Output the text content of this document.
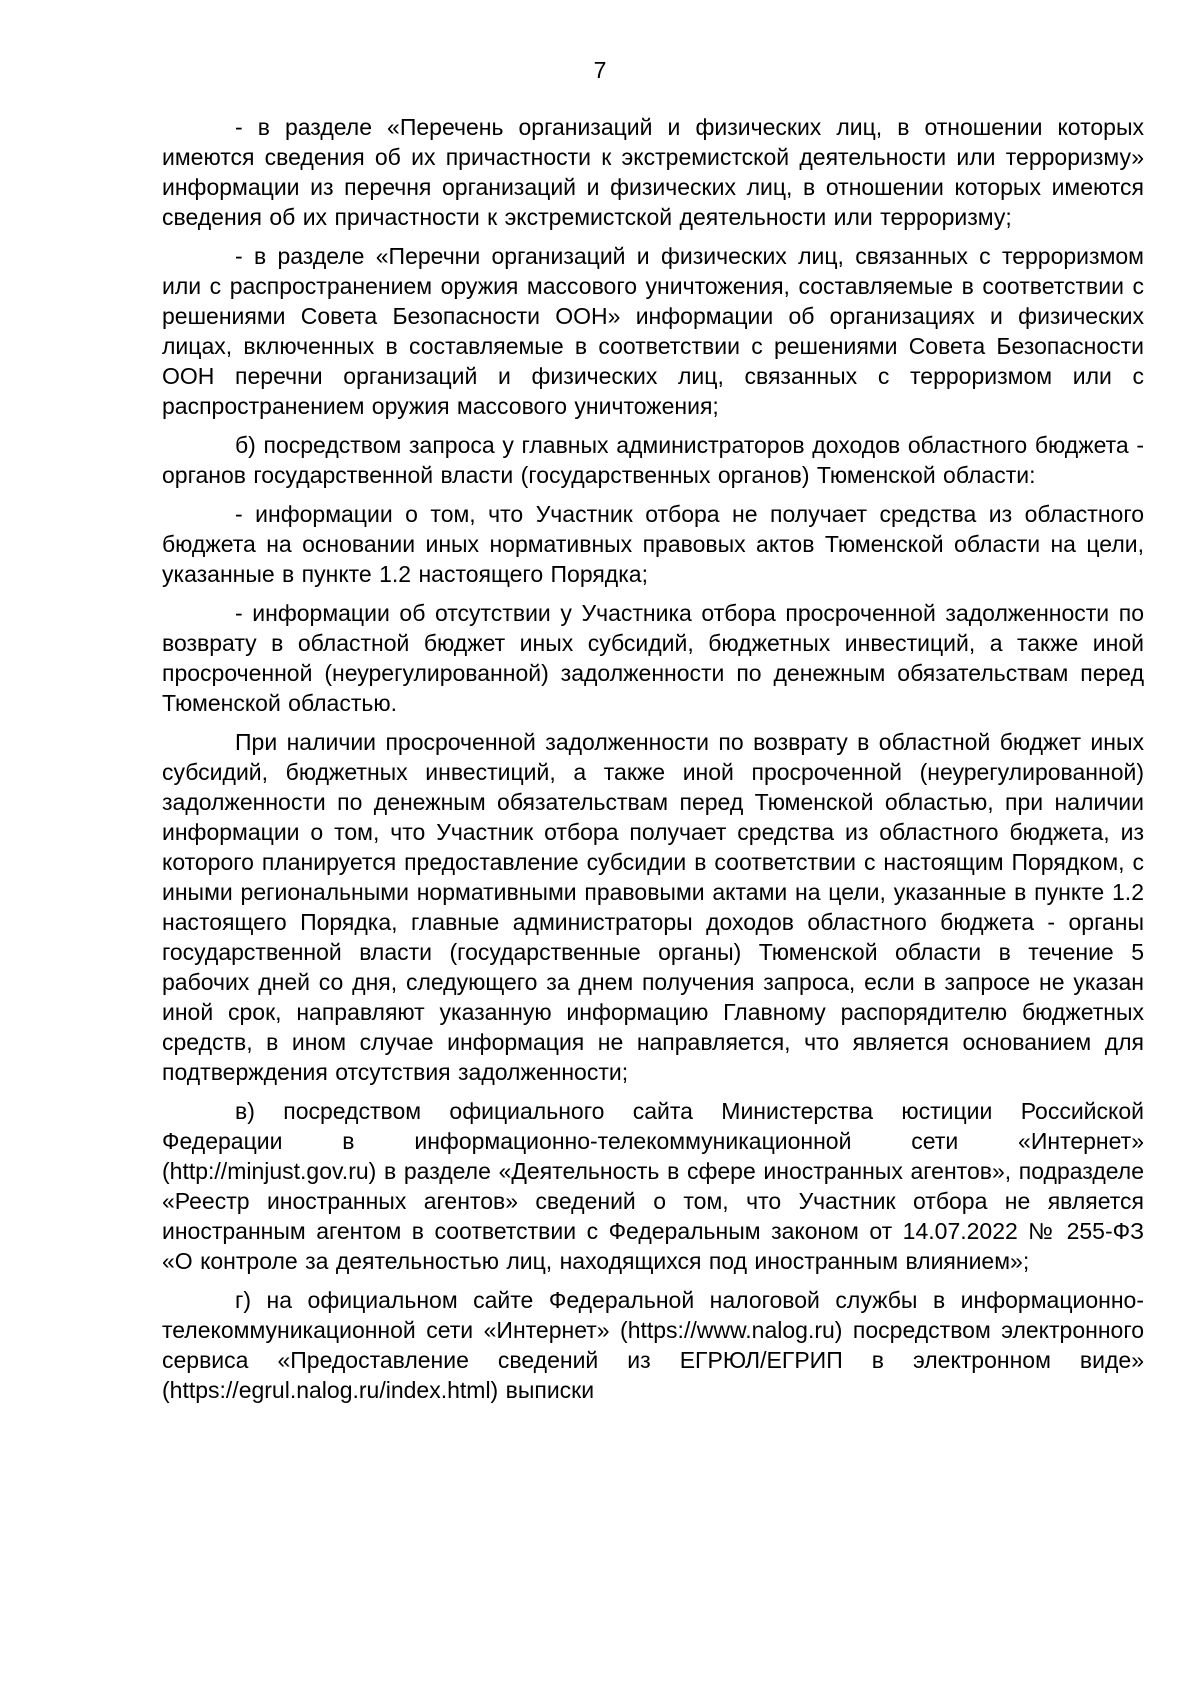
7

- в разделе «Перечень организаций и физических лиц, в отношении которых имеются сведения об их причастности к экстремистской деятельности или терроризму» информации из перечня организаций и физических лиц, в отношении которых имеются сведения об их причастности к экстремистской деятельности или терроризму;

- в разделе «Перечни организаций и физических лиц, связанных с терроризмом или с распространением оружия массового уничтожения, составляемые в соответствии с решениями Совета Безопасности ООН» информации об организациях и физических лицах, включенных в составляемые в соответствии с решениями Совета Безопасности ООН перечни организаций и физических лиц, связанных с терроризмом или с распространением оружия массового уничтожения;

б) посредством запроса у главных администраторов доходов областного бюджета - органов государственной власти (государственных органов) Тюменской области:

- информации о том, что Участник отбора не получает средства из областного бюджета на основании иных нормативных правовых актов Тюменской области на цели, указанные в пункте 1.2 настоящего Порядка;

- информации об отсутствии у Участника отбора просроченной задолженности по возврату в областной бюджет иных субсидий, бюджетных инвестиций, а также иной просроченной (неурегулированной) задолженности по денежным обязательствам перед Тюменской областью.

При наличии просроченной задолженности по возврату в областной бюджет иных субсидий, бюджетных инвестиций, а также иной просроченной (неурегулированной) задолженности по денежным обязательствам перед Тюменской областью, при наличии информации о том, что Участник отбора получает средства из областного бюджета, из которого планируется предоставление субсидии в соответствии с настоящим Порядком, с иными региональными нормативными правовыми актами на цели, указанные в пункте 1.2 настоящего Порядка, главные администраторы доходов областного бюджета - органы государственной власти (государственные органы) Тюменской области в течение 5 рабочих дней со дня, следующего за днем получения запроса, если в запросе не указан иной срок, направляют указанную информацию Главному распорядителю бюджетных средств, в ином случае информация не направляется, что является основанием для подтверждения отсутствия задолженности;

в) посредством официального сайта Министерства юстиции Российской Федерации в информационно-телекоммуникационной сети «Интернет» (http://minjust.gov.ru) в разделе «Деятельность в сфере иностранных агентов», подразделе «Реестр иностранных агентов» сведений о том, что Участник отбора не является иностранным агентом в соответствии с Федеральным законом от 14.07.2022 № 255-ФЗ «О контроле за деятельностью лиц, находящихся под иностранным влиянием»;

г) на официальном сайте Федеральной налоговой службы в информационно-телекоммуникационной сети «Интернет» (https://www.nalog.ru) посредством электронного сервиса «Предоставление сведений из ЕГРЮЛ/ЕГРИП в электронном виде» (https://egrul.nalog.ru/index.html) выписки
